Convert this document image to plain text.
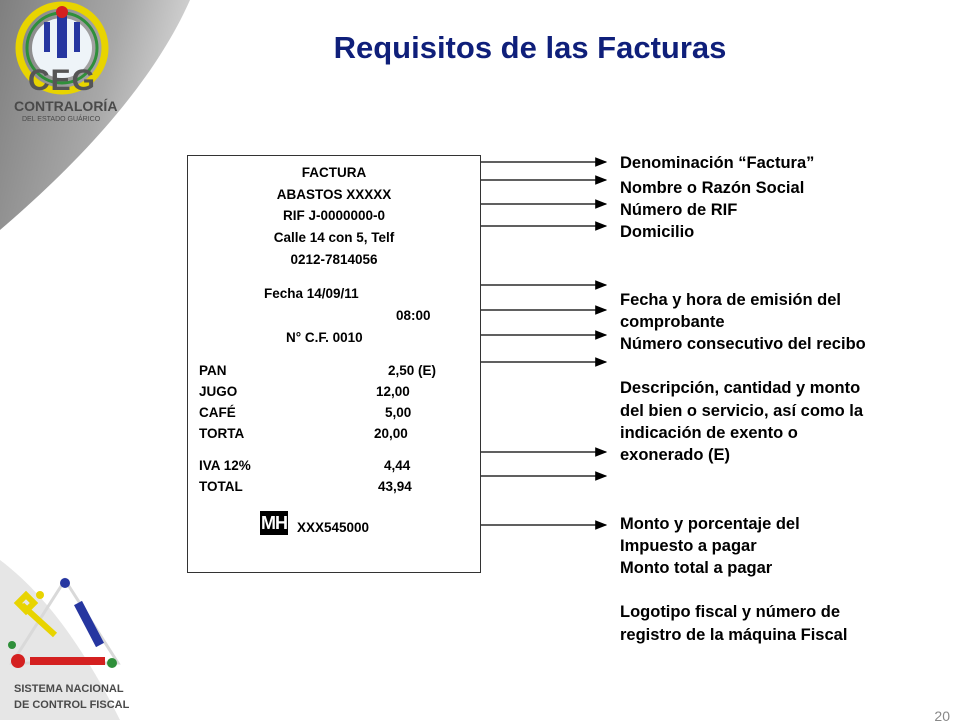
CEG
CONTRALORÍA
DEL ESTADO GUÁRICO
SISTEMA NACIONAL
DE CONTROL FISCAL
Requisitos de las Facturas
FACTURA
ABASTOS XXXXX
RIF J-0000000-0
Calle 14 con 5, Telf
0212-7814056
Fecha 14/09/11
08:00
N° C.F. 0010
PAN	2,50 (E)
JUGO	12,00
CAFÉ	5,00
TORTA	20,00
IVA 12%	4,44
TOTAL	43,94
MH XXX545000
Denominación “Factura”
Nombre o Razón Social
Número de RIF
Domicilio
Fecha y hora de emisión del
comprobante
Número consecutivo del recibo
Descripción, cantidad y monto
del bien o servicio, así como la
indicación de exento o
exonerado (E)
Monto y porcentaje del
Impuesto a pagar
Monto total a pagar
Logotipo fiscal y número de
registro de la máquina Fiscal
20
